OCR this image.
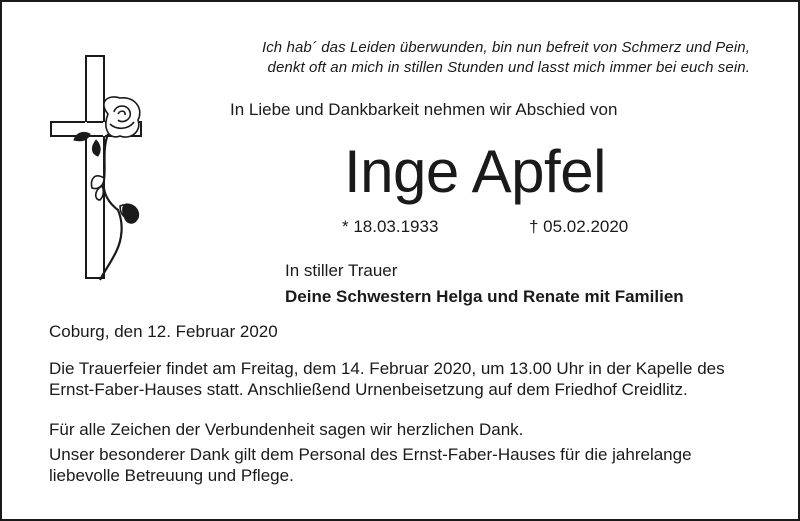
Ich hab´ das Leiden überwunden, bin nun befreit von Schmerz und Pein,
denkt oft an mich in stillen Stunden und lasst mich immer bei euch sein.
In Liebe und Dankbarkeit nehmen wir Abschied von
Inge Apfel
* 18.03.1933	† 05.02.2020
In stiller Trauer
Deine Schwestern Helga und Renate mit Familien
Coburg, den 12. Februar 2020
Die Trauerfeier findet am Freitag, dem 14. Februar 2020, um 13.00 Uhr in der Kapelle des Ernst-Faber-Hauses statt. Anschließend Urnenbeisetzung auf dem Friedhof Creidlitz.
Für alle Zeichen der Verbundenheit sagen wir herzlichen Dank.
Unser besonderer Dank gilt dem Personal des Ernst-Faber-Hauses für die jahrelange liebevolle Betreuung und Pflege.
